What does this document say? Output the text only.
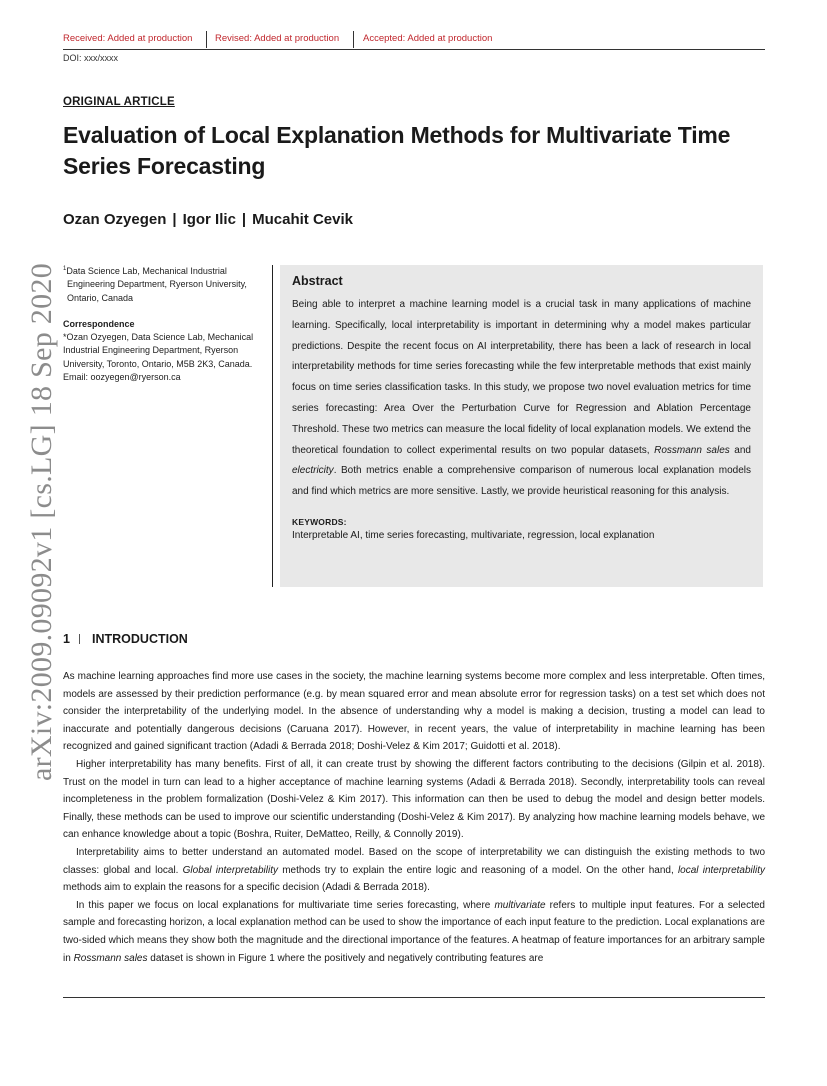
Received: Added at production Revised: Added at production	Accepted: Added at production
DOI: xxx/xxxx
arXiv:2009.09092v1 [cs.LG] 18 Sep 2020
ORIGINAL ARTICLE
Evaluation of Local Explanation Methods for Multivariate Time Series Forecasting
Ozan Ozyegen | Igor Ilic | Mucahit Cevik
$^1$Data Science Lab, Mechanical Industrial Engineering Department, Ryerson University, Ontario, Canada
Correspondence
*Ozan Ozyegen, Data Science Lab, Mechanical Industrial Engineering Department, Ryerson University, Toronto, Ontario, M5B 2K3, Canada. Email: oozyegen@ryerson.ca
Abstract
Being able to interpret a machine learning model is a crucial task in many applications of machine learning. Specifically, local interpretability is important in determining why a model makes particular predictions. Despite the recent focus on AI interpretability, there has been a lack of research in local interpretability methods for time series forecasting while the few interpretable methods that exist mainly focus on time series classification tasks. In this study, we propose two novel evaluation metrics for time series forecasting: Area Over the Perturbation Curve for Regression and Ablation Percentage Threshold. These two metrics can measure the local fidelity of local explanation models. We extend the theoretical foundation to collect experimental results on two popular datasets, Rossmann sales and electricity. Both metrics enable a comprehensive comparison of numerous local explanation models and find which metrics are more sensitive. Lastly, we provide heuristical reasoning for this analysis.
KEYWORDS:
Interpretable AI, time series forecasting, multivariate, regression, local explanation
1 INTRODUCTION

As machine learning approaches find more use cases in the society, the machine learning systems become more complex and less interpretable. Often times, models are assessed by their prediction performance (e.g. by mean squared error and mean absolute error for regression tasks) on a test set which does not consider the interpretability of the underlying model. In the absence of understanding why a model is making a decision, trusting a model can lead to inaccurate and potentially dangerous decisions (Caruana 2017). However, in recent years, the value of interpretability in machine learning has been recognized and gained significant traction (Adadi & Berrada 2018; Doshi-Velez & Kim 2017; Guidotti et al. 2018).

Higher interpretability has many benefits. First of all, it can create trust by showing the different factors contributing to the decisions (Gilpin et al. 2018). Trust on the model in turn can lead to a higher acceptance of machine learning systems (Adadi & Berrada 2018). Secondly, interpretability tools can reveal incompleteness in the problem formalization (Doshi-Velez & Kim 2017). This information can then be used to debug the model and design better models. Finally, these methods can be used to improve our scientific understanding (Doshi-Velez & Kim 2017). By analyzing how machine learning models behave, we can enhance knowledge about a topic (Boshra, Ruiter, DeMatteo, Reilly, & Connolly 2019).

Interpretability aims to better understand an automated model. Based on the scope of interpretability we can distinguish the existing methods to two classes: global and local. Global interpretability methods try to explain the entire logic and reasoning of a model. On the other hand, local interpretability methods aim to explain the reasons for a specific decision (Adadi & Berrada 2018).

In this paper we focus on local explanations for multivariate time series forecasting, where multivariate refers to multiple input features. For a selected sample and forecasting horizon, a local explanation method can be used to show the importance of each input feature to the prediction. Local explanations are two-sided which means they show both the magnitude and the directional importance of the features. A heatmap of feature importances for an arbitrary sample in Rossmann sales dataset is shown in Figure 1 where the positively and negatively contributing features are
